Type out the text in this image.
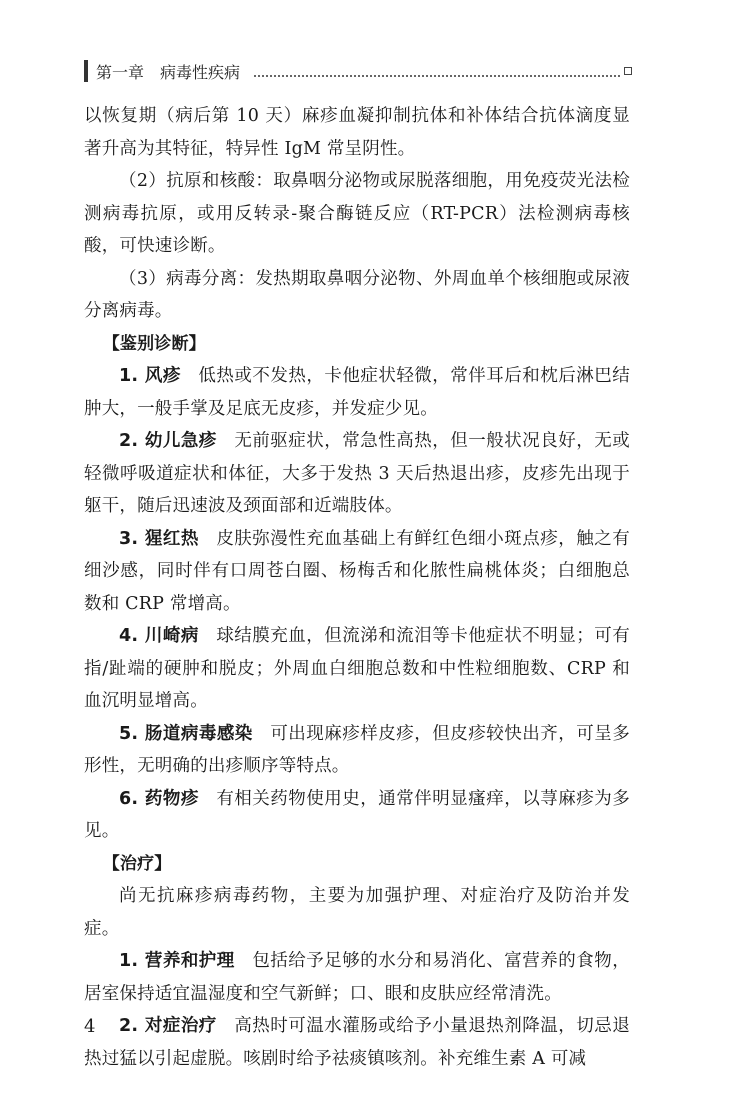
第一章 病毒性疾病

以恢复期（病后第 10 天）麻疹血凝抑制抗体和补体结合抗体滴度显著升高为其特征，特异性 IgM 常呈阴性。

（2）抗原和核酸：取鼻咽分泌物或尿脱落细胞，用免疫荧光法检测病毒抗原，或用反转录-聚合酶链反应（RT-PCR）法检测病毒核酸，可快速诊断。

（3）病毒分离：发热期取鼻咽分泌物、外周血单个核细胞或尿液分离病毒。

【鉴别诊断】

1. 风疹 低热或不发热，卡他症状轻微，常伴耳后和枕后淋巴结肿大，一般手掌及足底无皮疹，并发症少见。

2. 幼儿急疹 无前驱症状，常急性高热，但一般状况良好，无或轻微呼吸道症状和体征，大多于发热 3 天后热退出疹，皮疹先出现于躯干，随后迅速波及颈面部和近端肢体。

3. 猩红热 皮肤弥漫性充血基础上有鲜红色细小斑点疹，触之有细沙感，同时伴有口周苍白圈、杨梅舌和化脓性扁桃体炎；白细胞总数和 CRP 常增高。

4. 川崎病 球结膜充血，但流涕和流泪等卡他症状不明显；可有指/趾端的硬肿和脱皮；外周血白细胞总数和中性粒细胞数、CRP 和血沉明显增高。

5. 肠道病毒感染 可出现麻疹样皮疹，但皮疹较快出齐，可呈多形性，无明确的出疹顺序等特点。

6. 药物疹 有相关药物使用史，通常伴明显瘙痒，以荨麻疹为多见。

【治疗】

尚无抗麻疹病毒药物，主要为加强护理、对症治疗及防治并发症。

1. 营养和护理 包括给予足够的水分和易消化、富营养的食物，居室保持适宜温湿度和空气新鲜；口、眼和皮肤应经常清洗。

2. 对症治疗 高热时可温水灌肠或给予小量退热剂降温，切忌退热过猛以引起虚脱。咳剧时给予祛痰镇咳剂。补充维生素 A 可减

4
